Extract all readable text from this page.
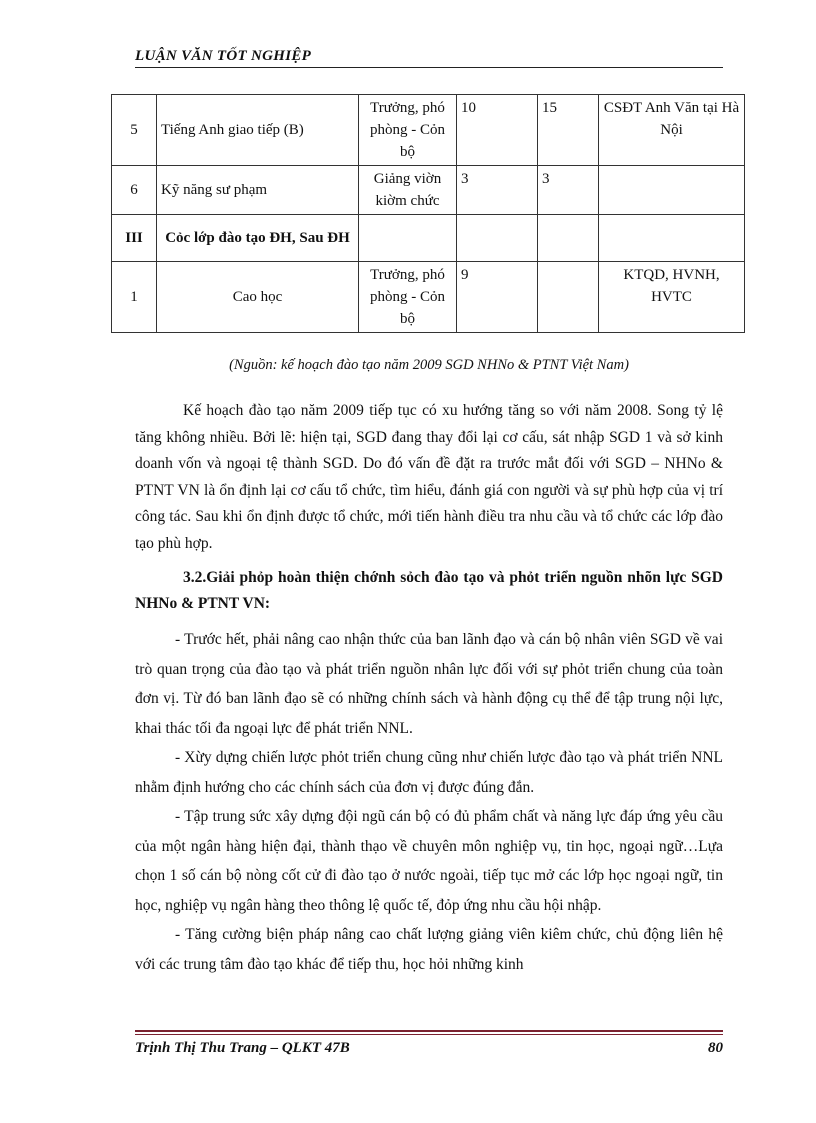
LUẬN VĂN TỐT NGHIỆP
5	Tiếng Anh giao tiếp (B)	Trưởng, phó phòng - Cỏn bộ	10	15	CSĐT Anh Văn tại Hà Nội
6	Kỹ năng sư phạm	Giảng viờn kiờm chức	3	3	
III	Cỏc lớp đào tạo ĐH, Sau ĐH				
1	Cao học	Trưởng, phó phòng - Cỏn bộ	9		KTQD, HVNH, HVTC
(Nguồn: kế hoạch đào tạo năm 2009 SGD NHNo & PTNT Việt Nam)

Kế hoạch đào tạo năm 2009 tiếp tục có xu hướng tăng so với năm 2008. Song tỷ lệ tăng không nhiều. Bởi lẽ: hiện tại, SGD đang thay đổi lại cơ cấu, sát nhập SGD 1 và sở kinh doanh vốn và ngoại tệ thành SGD. Do đó vấn đề đặt ra trước mắt đối với SGD – NHNo & PTNT VN là ổn định lại cơ cấu tổ chức, tìm hiểu, đánh giá con người và sự phù hợp của vị trí công tác. Sau khi ổn định được tổ chức, mới tiến hành điều tra nhu cầu và tổ chức các lớp đào tạo phù hợp.

3.2.Giải phỏp hoàn thiện chớnh sỏch đào tạo và phỏt triển nguồn nhõn lực SGD NHNo & PTNT VN:

- Trước hết, phải nâng cao nhận thức của ban lãnh đạo và cán bộ nhân viên SGD về vai trò quan trọng của đào tạo và phát triển nguồn nhân lực đối với sự phỏt triển chung của toàn đơn vị. Từ đó ban lãnh đạo sẽ có những chính sách và hành động cụ thể để tập trung nội lực, khai thác tối đa ngoại lực để phát triển NNL.

- Xừy dựng chiến lược phỏt triển chung cũng như chiến lược đào tạo và phát triển NNL nhằm định hướng cho các chính sách của đơn vị được đúng đắn.

- Tập trung sức xây dựng đội ngũ cán bộ có đủ phẩm chất và năng lực đáp ứng yêu cầu của một ngân hàng hiện đại, thành thạo về chuyên môn nghiệp vụ, tin học, ngoại ngữ…Lựa chọn 1 số cán bộ nòng cốt cử đi đào tạo ở nước ngoài, tiếp tục mở các lớp học ngoại ngữ, tin học, nghiệp vụ ngân hàng theo thông lệ quốc tế, đỏp ứng nhu cầu hội nhập.

- Tăng cường biện pháp nâng cao chất lượng giảng viên kiêm chức, chủ động liên hệ với các trung tâm đào tạo khác để tiếp thu, học hỏi những kinh

Trịnh Thị Thu Trang – QLKT 47B	80
